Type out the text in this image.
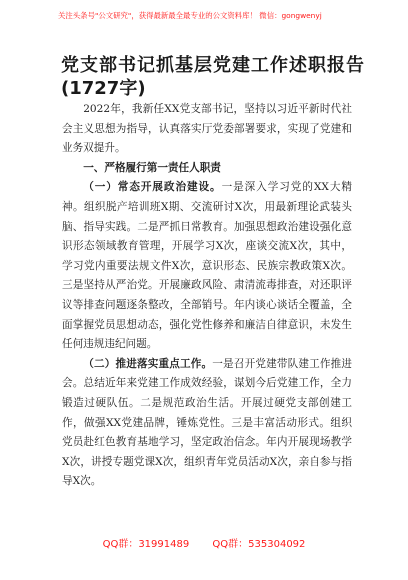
关注头条号"公文研究"，获得最新最全最专业的公文资料库！ 微信：gongwenyj
党支部书记抓基层党建工作述职报告
(1727字)

2022年，我新任XX党支部书记，坚持以习近平新时代社会主义思想为指导，认真落实厅党委部署要求，实现了党建和业务双提升。

一、严格履行第一责任人职责

（一）常态开展政治建设。一是深入学习党的XX大精神。组织脱产培训班X期、交流研讨X次，用最新理论武装头脑、指导实践。二是严抓日常教育。加强思想政治建设强化意识形态领域教育管理，开展学习X次，座谈交流X次，其中，学习党内重要法规文件X次，意识形态、民族宗教政策X次。三是坚持从严治党。开展廉政风险、肃清流毒排查，对还职评议等排查问题逐条整改，全部销号。年内谈心谈话全覆盖，全面掌握党员思想动态，强化党性修养和廉洁自律意识，未发生任何违规违纪问题。

（二）推进落实重点工作。一是召开党建带队建工作推进会。总结近年来党建工作成效经验，谋划今后党建工作，全力锻造过硬队伍。二是规范政治生活。开展过硬党支部创建工作，做强XX党建品牌，锤炼党性。三是丰富活动形式。组织党员赴红色教育基地学习，坚定政治信念。年内开展现场教学X次，讲授专题党课X次，组织青年党员活动X次，亲自参与指导X次。

QQ群：31991489 QQ群：535304092
